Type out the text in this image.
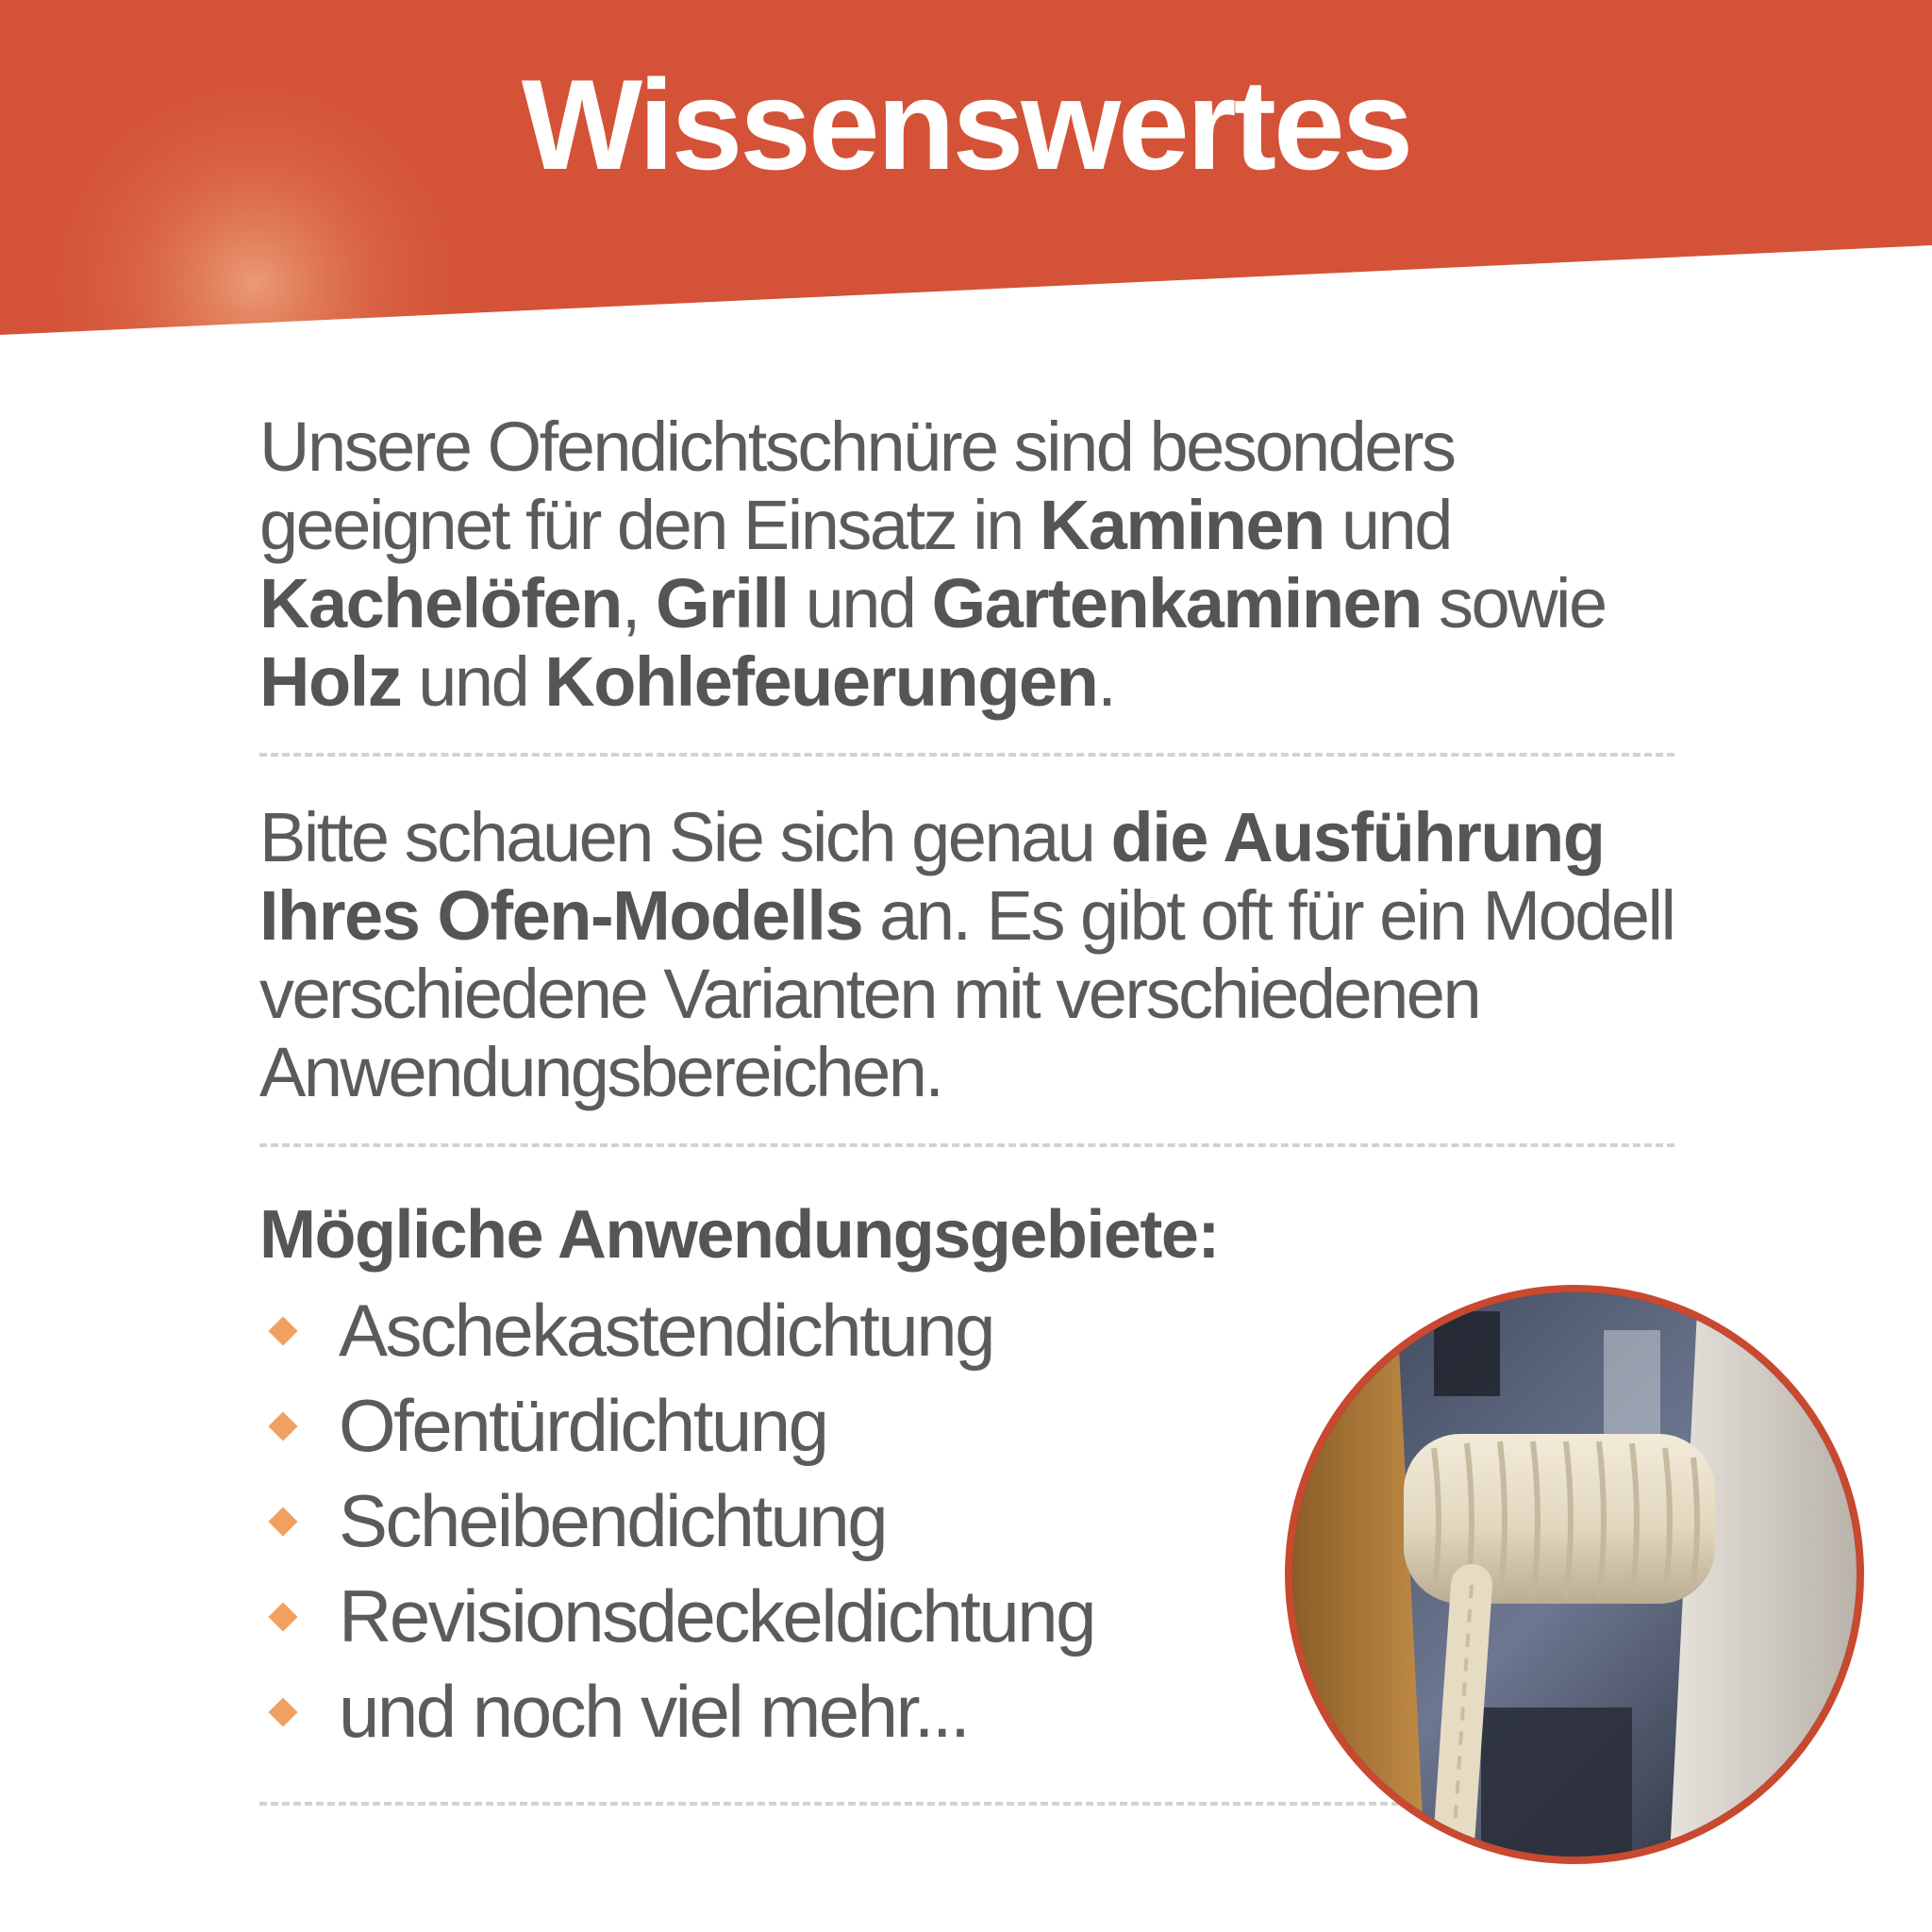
Wissenswertes

Unsere Ofendichtschnüre sind besonders geeignet für den Einsatz in Kaminen und Kachelöfen, Grill und Gartenkaminen sowie Holz und Kohlefeuerungen.

Bitte schauen Sie sich genau die Ausführung Ihres Ofen-Modells an. Es gibt oft für ein Modell verschiedene Varianten mit verschiedenen Anwendungsbereichen.

Mögliche Anwendungsgebiete:
Aschekastendichtung
Ofentürdichtung
Scheibendichtung
Revisionsdeckeldichtung
und noch viel mehr...
